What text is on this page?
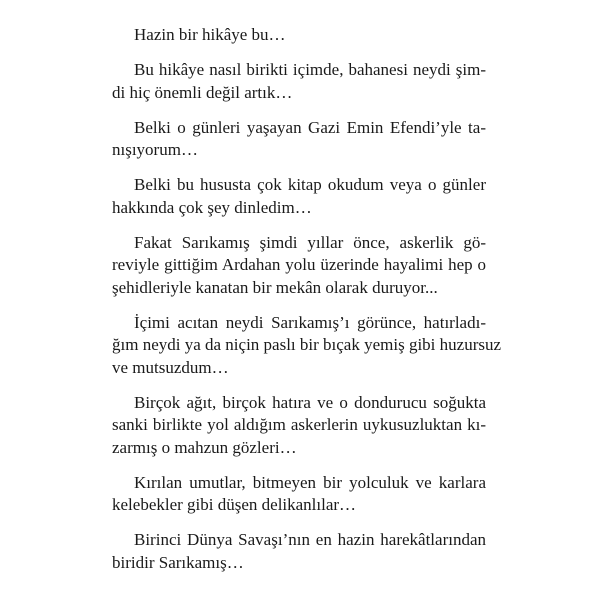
Hazin bir hikâye bu…

Bu hikâye nasıl birikti içimde, bahanesi neydi şim-
di hiç önemli değil artık…

Belki o günleri yaşayan Gazi Emin Efendi’yle ta-
nışıyorum…

Belki bu hususta çok kitap okudum veya o günler
hakkında çok şey dinledim…

Fakat Sarıkamış şimdi yıllar önce, askerlik gö-
reviyle gittiğim Ardahan yolu üzerinde hayalimi hep o
şehidleriyle kanatan bir mekân olarak duruyor...

İçimi acıtan neydi Sarıkamış’ı görünce, hatırladı-
ğım neydi ya da niçin paslı bir bıçak yemiş gibi huzursuz
ve mutsuzdum…

Birçok ağıt, birçok hatıra ve o dondurucu soğukta
sanki birlikte yol aldığım askerlerin uykusuzluktan kı-
zarmış o mahzun gözleri…

Kırılan umutlar, bitmeyen bir yolculuk ve karlara
kelebekler gibi düşen delikanlılar…

Birinci Dünya Savaşı’nın en hazin harekâtlarından
biridir Sarıkamış…
